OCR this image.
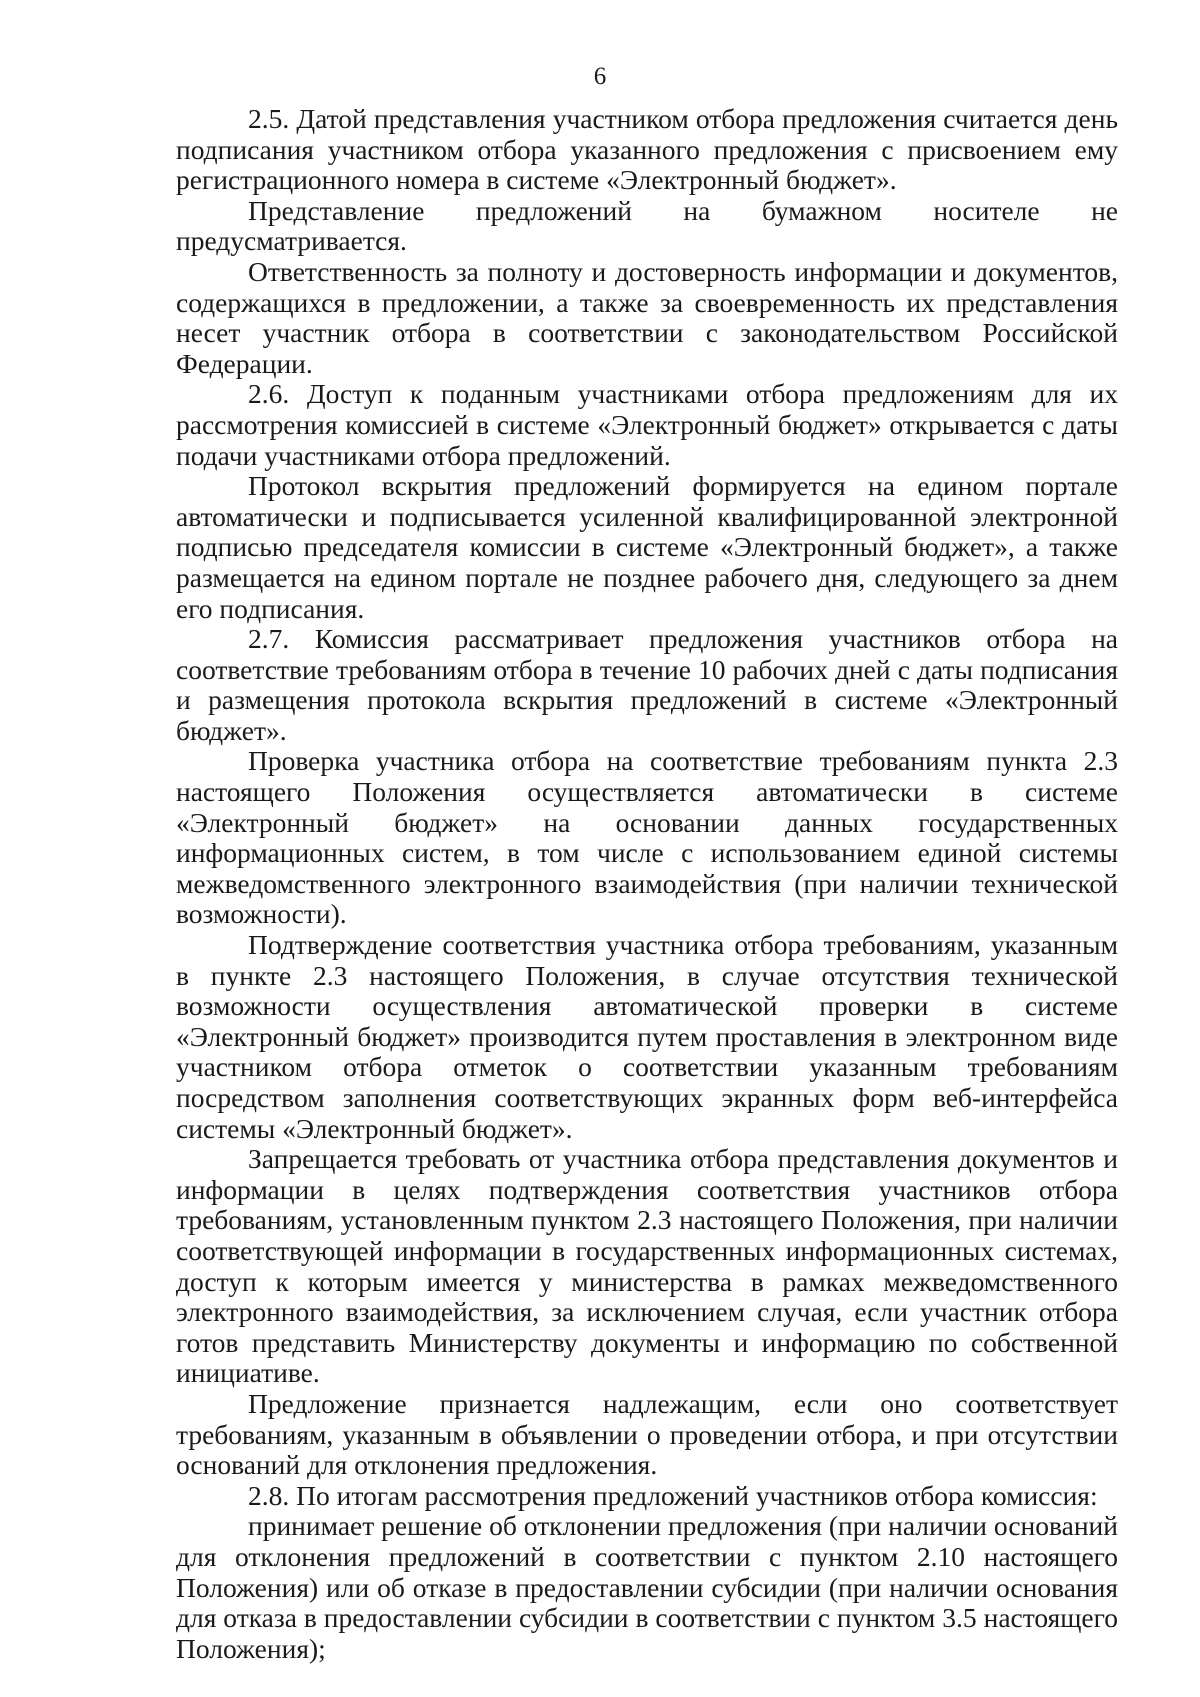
6

2.5. Датой представления участником отбора предложения считается день подписания участником отбора указанного предложения с присвоением ему регистрационного номера в системе «Электронный бюджет».

Представление предложений на бумажном носителе не предусматривается.

Ответственность за полноту и достоверность информации и документов, содержащихся в предложении, а также за своевременность их представления несет участник отбора в соответствии с законодательством Российской Федерации.

2.6. Доступ к поданным участниками отбора предложениям для их рассмотрения комиссией в системе «Электронный бюджет» открывается с даты подачи участниками отбора предложений.

Протокол вскрытия предложений формируется на едином портале автоматически и подписывается усиленной квалифицированной электронной подписью председателя комиссии в системе «Электронный бюджет», а также размещается на едином портале не позднее рабочего дня, следующего за днем его подписания.

2.7. Комиссия рассматривает предложения участников отбора на соответствие требованиям отбора в течение 10 рабочих дней с даты подписания и размещения протокола вскрытия предложений в системе «Электронный бюджет».

Проверка участника отбора на соответствие требованиям пункта 2.3 настоящего Положения осуществляется автоматически в системе «Электронный бюджет» на основании данных государственных информационных систем, в том числе с использованием единой системы межведомственного электронного взаимодействия (при наличии технической возможности).

Подтверждение соответствия участника отбора требованиям, указанным в пункте 2.3 настоящего Положения, в случае отсутствия технической возможности осуществления автоматической проверки в системе «Электронный бюджет» производится путем проставления в электронном виде участником отбора отметок о соответствии указанным требованиям посредством заполнения соответствующих экранных форм веб-интерфейса системы «Электронный бюджет».

Запрещается требовать от участника отбора представления документов и информации в целях подтверждения соответствия участников отбора требованиям, установленным пунктом 2.3 настоящего Положения, при наличии соответствующей информации в государственных информационных системах, доступ к которым имеется у министерства в рамках межведомственного электронного взаимодействия, за исключением случая, если участник отбора готов представить Министерству документы и информацию по собственной инициативе.

Предложение признается надлежащим, если оно соответствует требованиям, указанным в объявлении о проведении отбора, и при отсутствии оснований для отклонения предложения.

2.8. По итогам рассмотрения предложений участников отбора комиссия:

принимает решение об отклонении предложения (при наличии оснований для отклонения предложений в соответствии с пунктом 2.10 настоящего Положения) или об отказе в предоставлении субсидии (при наличии основания для отказа в предоставлении субсидии в соответствии с пунктом 3.5 настоящего Положения);
